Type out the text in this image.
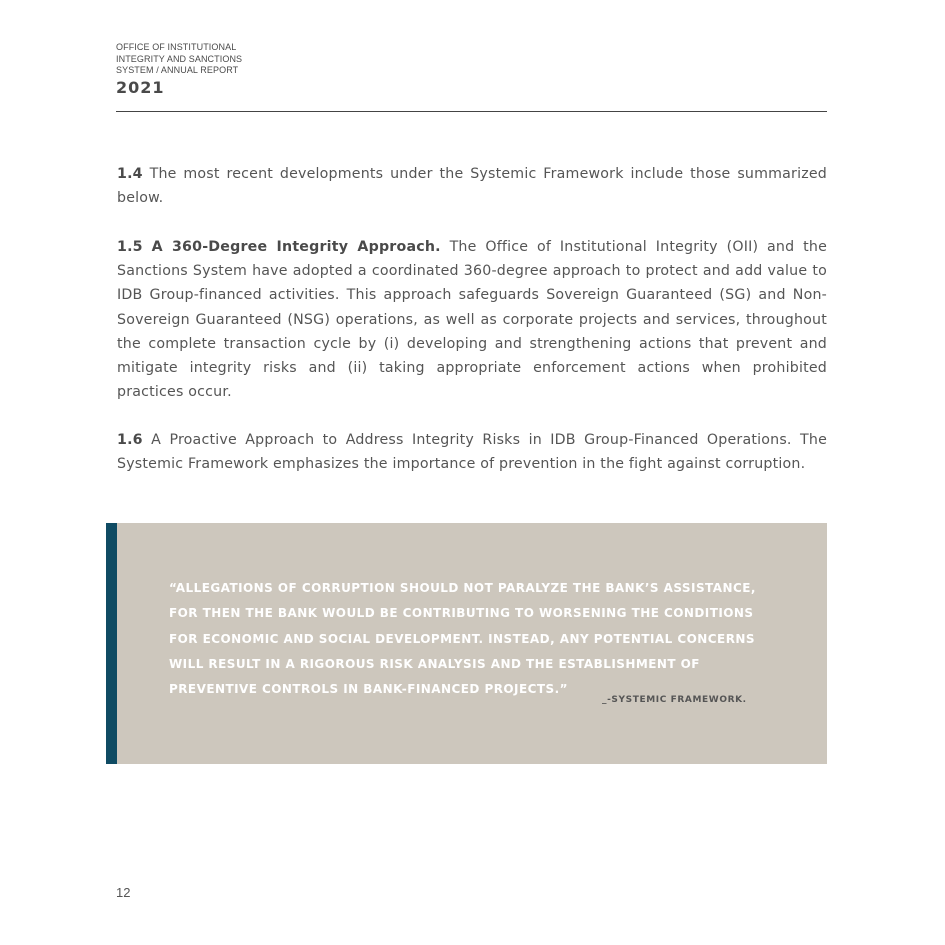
OFFICE OF INSTITUTIONAL
INTEGRITY AND SANCTIONS
SYSTEM / ANNUAL REPORT
2021

1.4 The most recent developments under the Systemic Framework include those summarized below.

1.5 A 360-Degree Integrity Approach. The Office of Institutional Integrity (OII) and the Sanctions System have adopted a coordinated 360-degree approach to protect and add value to IDB Group-financed activities. This approach safeguards Sovereign Guaranteed (SG) and Non-Sovereign Guaranteed (NSG) operations, as well as corporate projects and services, throughout the complete transaction cycle by (i) developing and strengthening actions that prevent and mitigate integrity risks and (ii) taking appropriate enforcement actions when prohibited practices occur.

1.6 A Proactive Approach to Address Integrity Risks in IDB Group-Financed Operations. The Systemic Framework emphasizes the importance of prevention in the fight against corruption.

“ALLEGATIONS OF CORRUPTION SHOULD NOT PARALYZE THE BANK’S ASSISTANCE,
FOR THEN THE BANK WOULD BE CONTRIBUTING TO WORSENING THE CONDITIONS
FOR ECONOMIC AND SOCIAL DEVELOPMENT. INSTEAD, ANY POTENTIAL CONCERNS
WILL RESULT IN A RIGOROUS RISK ANALYSIS AND THE ESTABLISHMENT OF
PREVENTIVE CONTROLS IN BANK-FINANCED PROJECTS.”

_-SYSTEMIC FRAMEWORK.
12
